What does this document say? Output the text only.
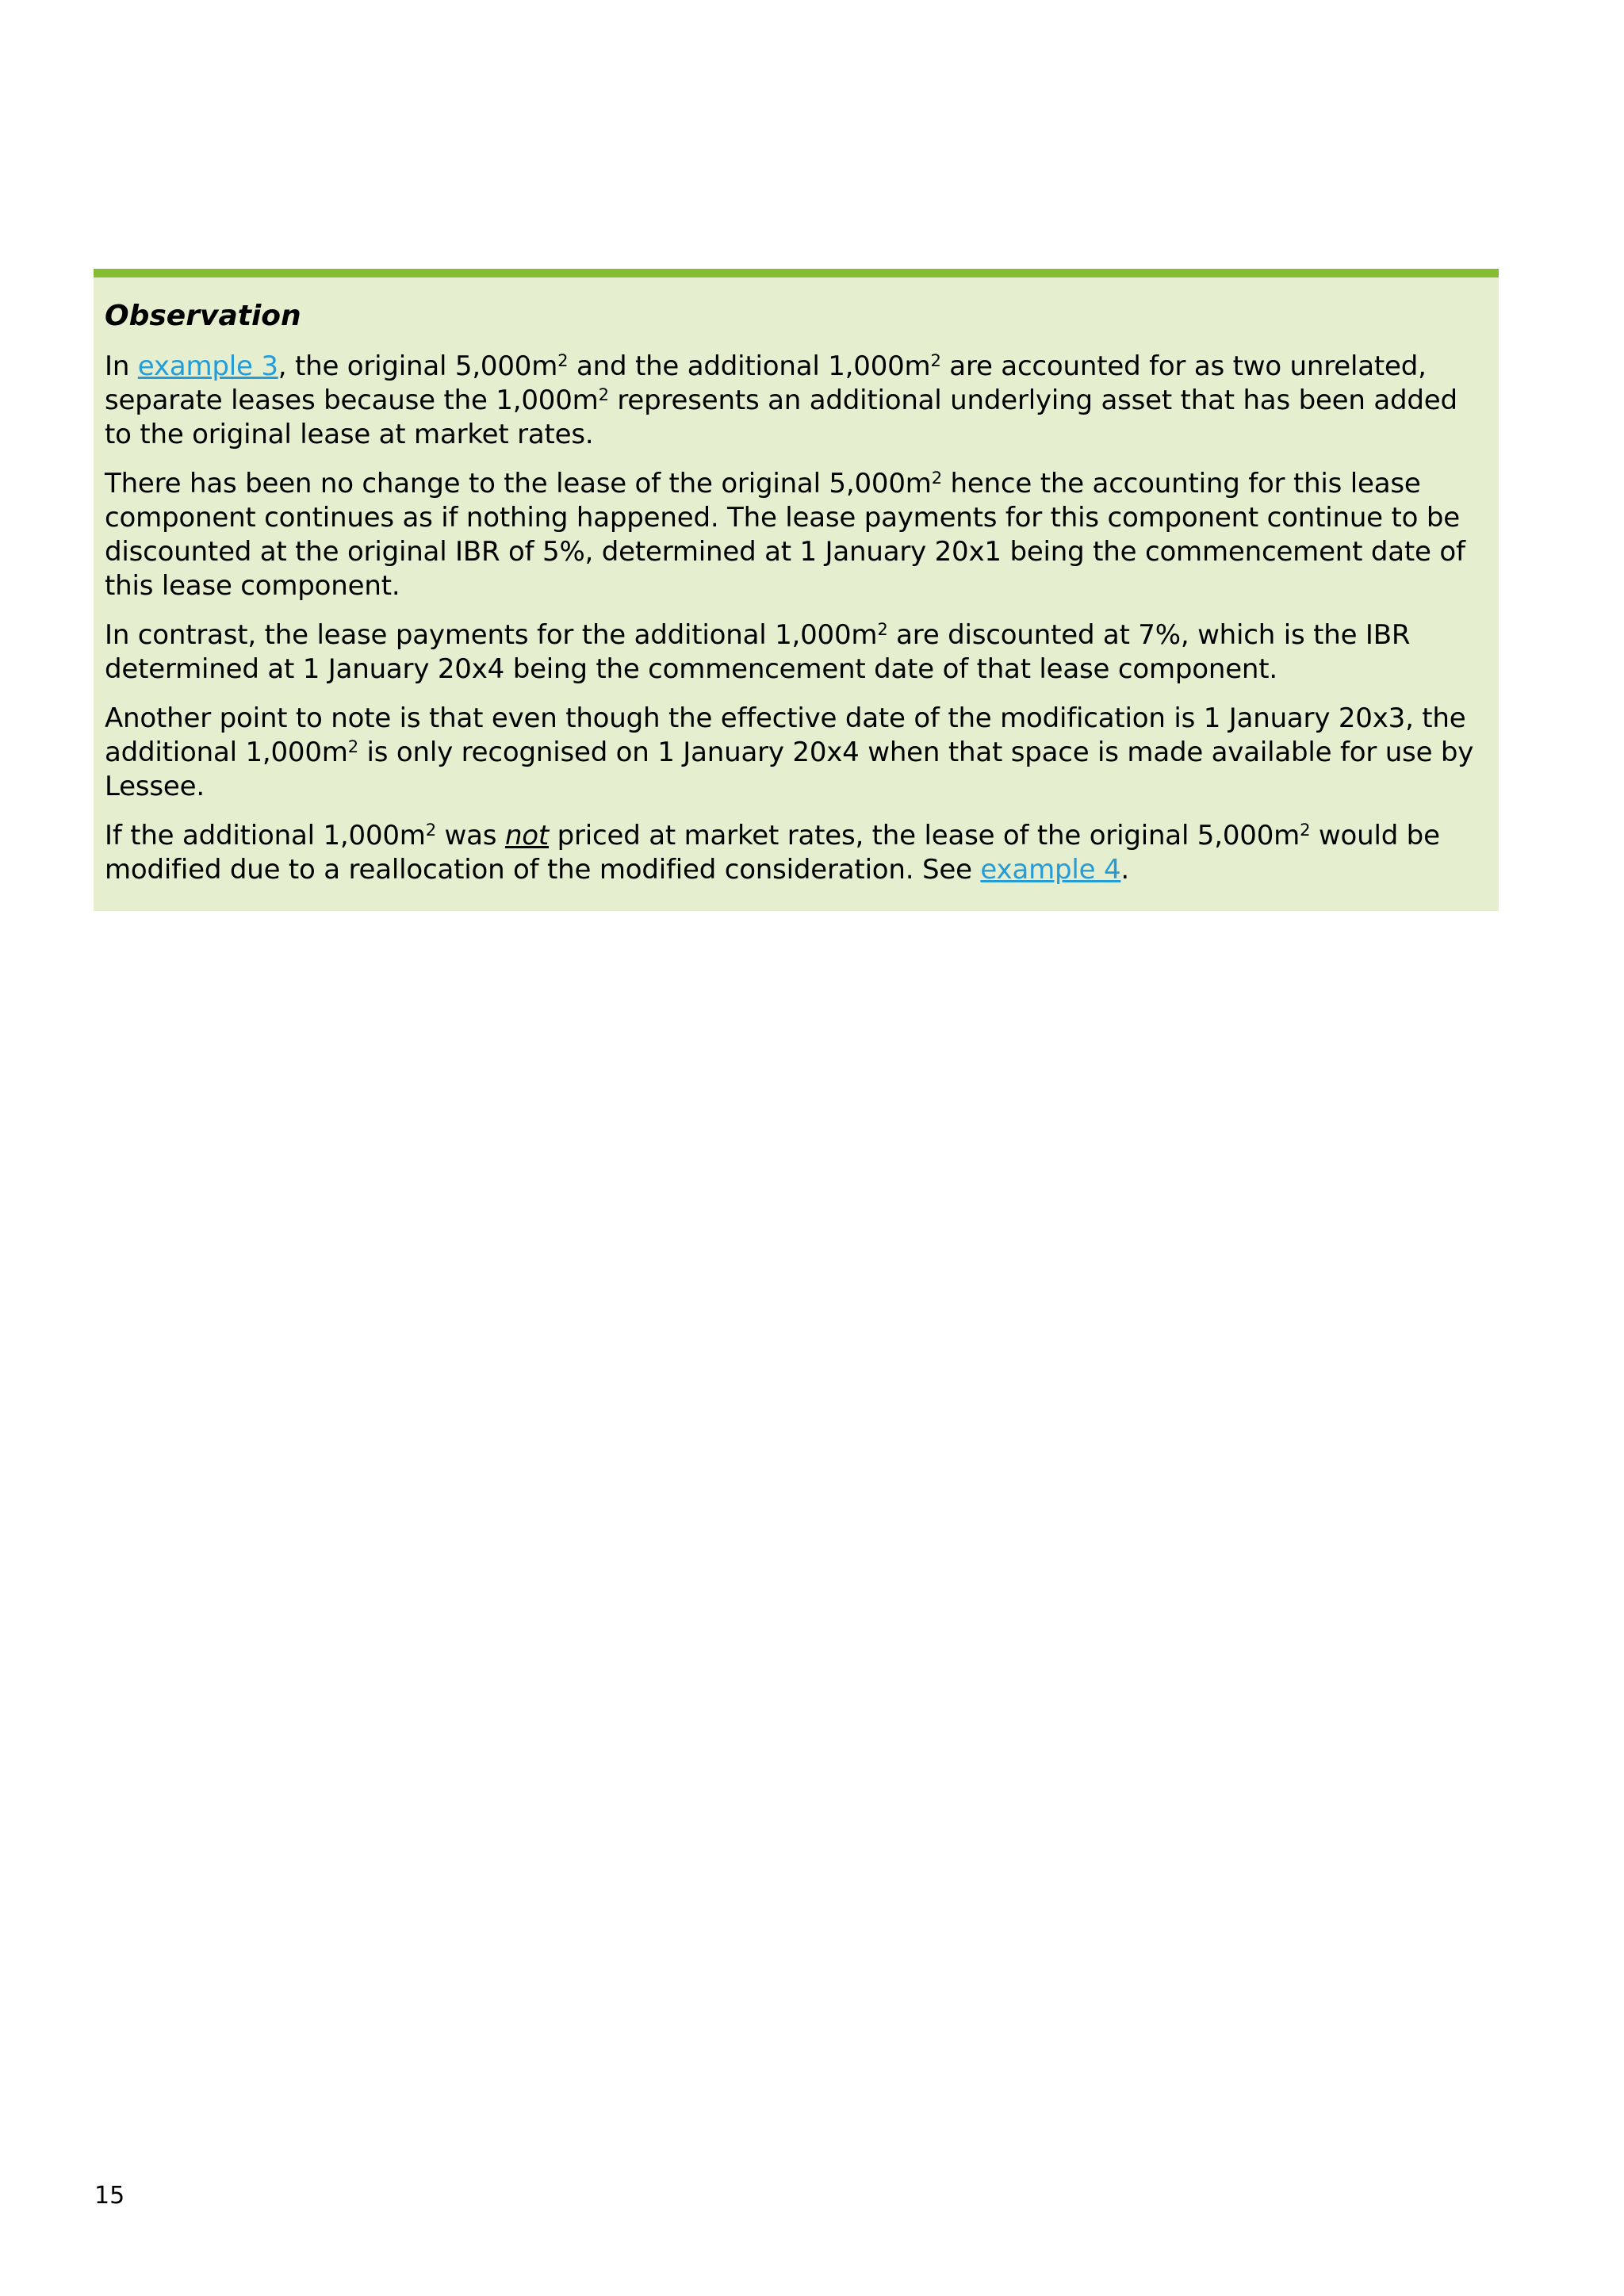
Observation

In example 3, the original $5,000m^2$ and the additional $1,000m^2$ are accounted for as two unrelated, separate leases because the $1,000m^2$ represents an additional underlying asset that has been added to the original lease at market rates.

There has been no change to the lease of the original $5,000m^2$ hence the accounting for this lease component continues as if nothing happened. The lease payments for this component continue to be discounted at the original IBR of 5%, determined at 1 January 20x1 being the commencement date of this lease component.

In contrast, the lease payments for the additional $1,000m^2$ are discounted at 7%, which is the IBR determined at 1 January 20x4 being the commencement date of that lease component.

Another point to note is that even though the effective date of the modification is 1 January 20x3, the additional $1,000m^2$ is only recognised on 1 January 20x4 when that space is made available for use by Lessee.

If the additional $1,000m^2$ was not priced at market rates, the lease of the original $5,000m^2$ would be modified due to a reallocation of the modified consideration. See example 4.

15
